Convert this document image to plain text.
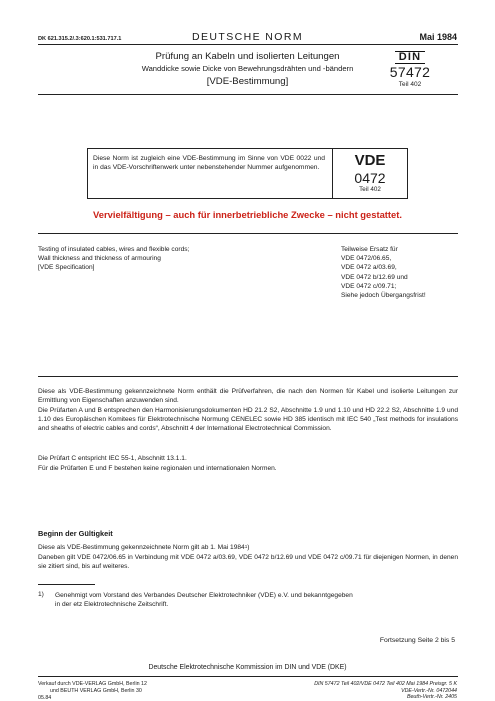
DK 621.315.2/.3:620.1:531.717.1	DEUTSCHE NORM	Mai 1984
Prüfung an Kabeln und isolierten Leitungen
Wanddicke sowie Dicke von Bewehrungsdrähten und -bändern
[VDE-Bestimmung]
DIN
57472
Teil 402
Diese Norm ist zugleich eine VDE-Bestimmung im Sinne von VDE 0022 und in das VDE-Vorschriftenwerk unter nebenstehender Nummer aufgenommen.	VDE
0472
Teil 402
Vervielfältigung – auch für innerbetriebliche Zwecke – nicht gestattet.
Testing of insulated cables, wires and flexible cords;
Wall thickness and thickness of armouring
[VDE Specification]
Teilweise Ersatz für
VDE 0472/06.65,
VDE 0472 a/03.69,
VDE 0472 b/12.69 und
VDE 0472 c/09.71;
Siehe jedoch Übergangsfrist!
Diese als VDE-Bestimmung gekennzeichnete Norm enthält die Prüfverfahren, die nach den Normen für Kabel und isolierte Leitungen zur Ermittlung von Eigenschaften anzuwenden sind.
Die Prüfarten A und B entsprechen den Harmonisierungsdokumenten HD 21.2 S2, Abschnitte 1.9 und 1.10 und HD 22.2 S2, Abschnitte 1.9 und 1.10 des Europäischen Komitees für Elektrotechnische Normung CENELEC sowie HD 385 identisch mit IEC 540 „Test methods for insulations and sheaths of electric cables and cords“, Abschnitt 4 der International Electrotechnical Commission.
Die Prüfart C entspricht IEC 55-1, Abschnitt 13.1.1.
Für die Prüfarten E und F bestehen keine regionalen und internationalen Normen.
Beginn der Gültigkeit
Diese als VDE-Bestimmung gekennzeichnete Norm gilt ab 1. Mai 1984$^1$)
Daneben gilt VDE 0472/06.65 in Verbindung mit VDE 0472 a/03.69, VDE 0472 b/12.69 und VDE 0472 c/09.71 für diejenigen Normen, in denen sie zitiert sind, bis auf weiteres.
1) Genehmigt vom Vorstand des Verbandes Deutscher Elektrotechniker (VDE) e.V. und bekanntgegeben in der etz Elektrotechnische Zeitschrift.
Fortsetzung Seite 2 bis 5
Deutsche Elektrotechnische Kommission im DIN und VDE (DKE)
Verkauf durch VDE-VERLAG GmbH, Berlin 12
und BEUTH VERLAG GmbH, Berlin 30
05.84
DIN 57472 Teil 402/VDE 0472 Teil 402 Mai 1984 Preisgr. 5 K
VDE-Vertr.-Nr. 0472044
Beuth-Vertr.-Nr. 2405
